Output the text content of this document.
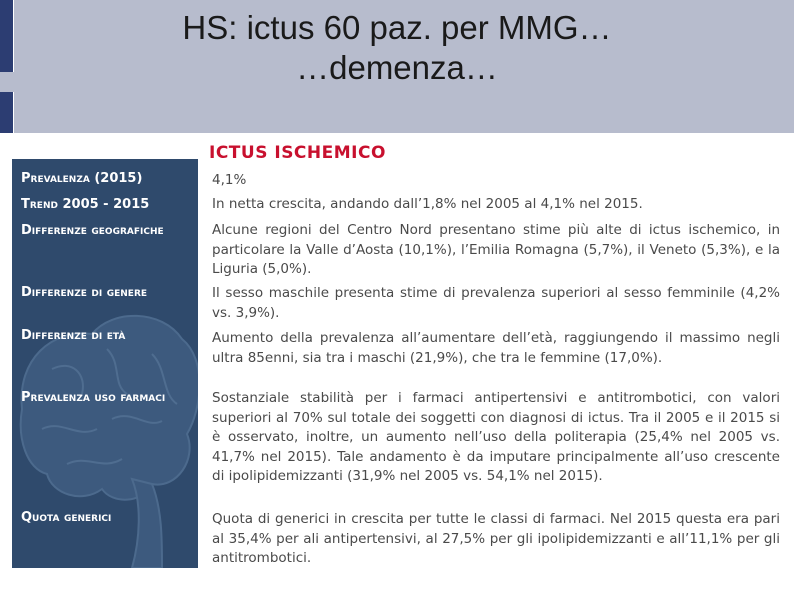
HS: ictus 60 paz. per MMG…
…demenza…
ICTUS ISCHEMICO
Prevalenza (2015)
Trend 2005 - 2015
Differenze geografiche
Differenze di genere
Differenze di età
Prevalenza uso farmaci
Quota generici
4,1%
In netta crescita, andando dall’1,8% nel 2005 al 4,1% nel 2015.
Alcune regioni del Centro Nord presentano stime più alte di ictus ischemico, in particolare la Valle d’Aosta (10,1%), l’Emilia Romagna (5,7%), il Veneto (5,3%), e la Liguria (5,0%).
Il sesso maschile presenta stime di prevalenza superiori al sesso femminile (4,2% vs. 3,9%).
Aumento della prevalenza all’aumentare dell’età, raggiungendo il massimo negli ultra 85enni, sia tra i maschi (21,9%), che tra le femmine (17,0%).
Sostanziale stabilità per i farmaci antipertensivi e antitrombotici, con valori superiori al 70% sul totale dei soggetti con diagnosi di ictus. Tra il 2005 e il 2015 si è osservato, inoltre, un aumento nell’uso della politerapia (25,4% nel 2005 vs. 41,7% nel 2015). Tale andamento è da imputare principalmente all’uso crescente di ipolipidemizzanti (31,9% nel 2005 vs. 54,1% nel 2015).
Quota di generici in crescita per tutte le classi di farmaci. Nel 2015 questa era pari al 35,4% per ali antipertensivi, al 27,5% per gli ipolipidemizzanti e all’11,1% per gli antitrombotici.
